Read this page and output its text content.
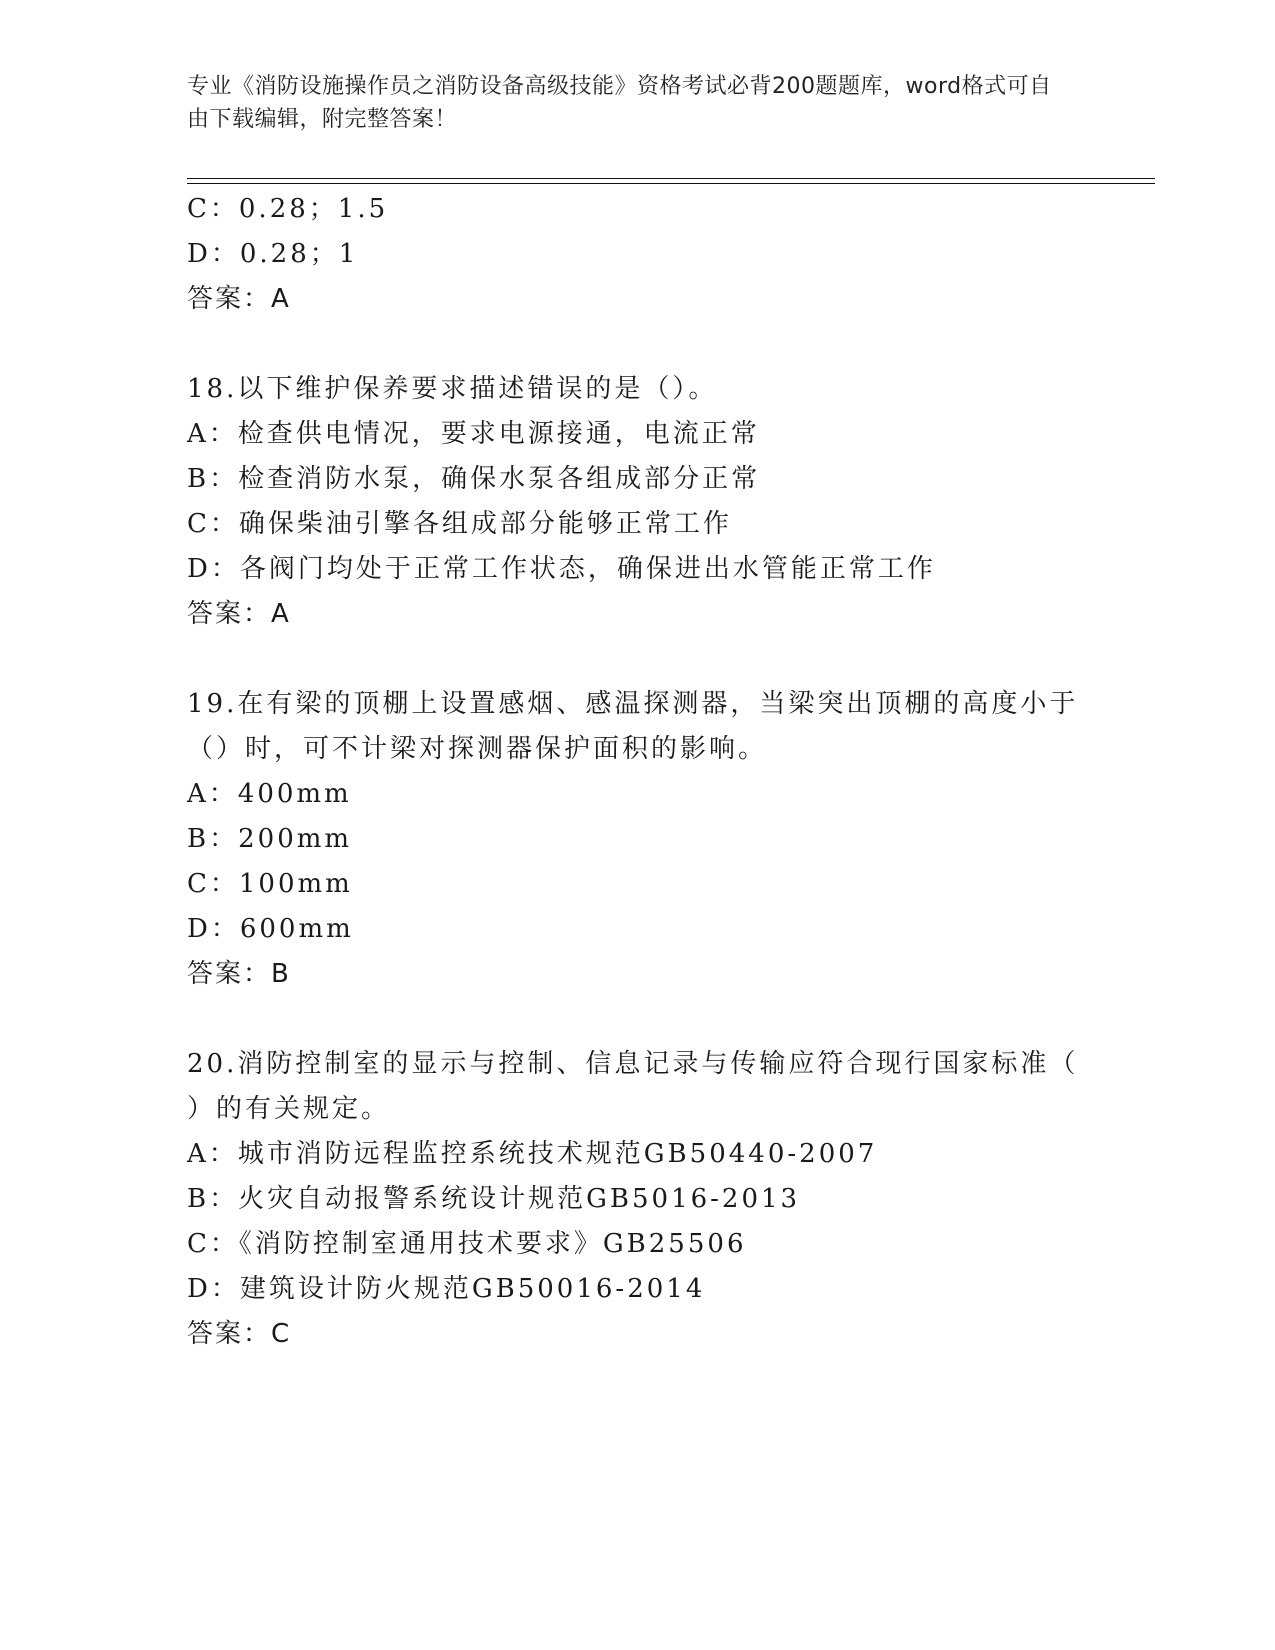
专业《消防设施操作员之消防设备高级技能》资格考试必背200题题库，word格式可自由下载编辑，附完整答案！
C：0.28；1.5
D：0.28；1
答案：A
18.以下维护保养要求描述错误的是（）。
A：检查供电情况，要求电源接通，电流正常
B：检查消防水泵，确保水泵各组成部分正常
C：确保柴油引擎各组成部分能够正常工作
D：各阀门均处于正常工作状态，确保进出水管能正常工作
答案：A
19.在有梁的顶棚上设置感烟、感温探测器，当梁突出顶棚的高度小于
（）时，可不计梁对探测器保护面积的影响。
A：400mm
B：200mm
C：100mm
D：600mm
答案：B
20.消防控制室的显示与控制、信息记录与传输应符合现行国家标准（
）的有关规定。
A：城市消防远程监控系统技术规范GB50440-2007
B：火灾自动报警系统设计规范GB5016-2013
C：《消防控制室通用技术要求》GB25506
D：建筑设计防火规范GB50016-2014
答案：C
